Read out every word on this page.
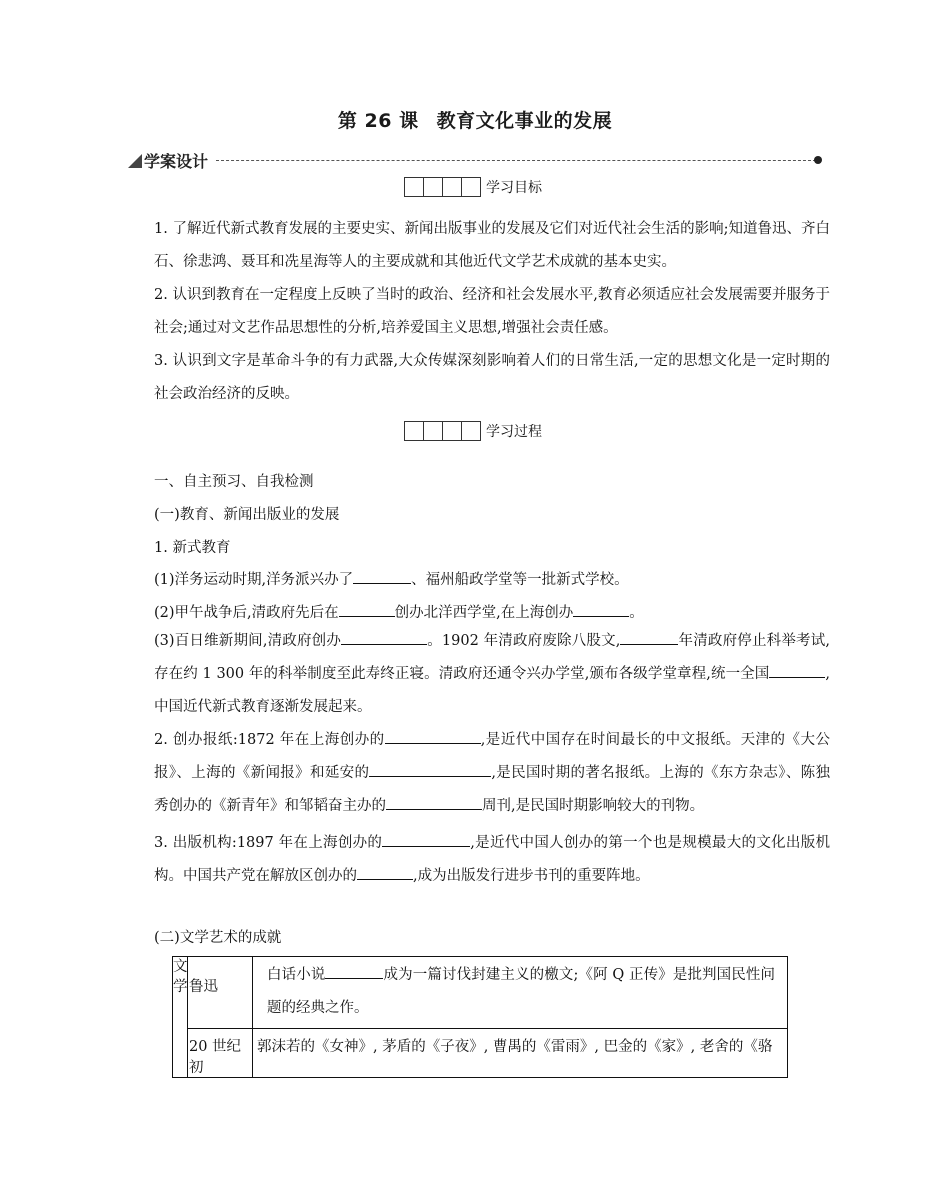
第 26 课 教育文化事业的发展
学案设计
学习目标
1. 了解近代新式教育发展的主要史实、新闻出版事业的发展及它们对近代社会生活的影响;知道鲁迅、齐白石、徐悲鸿、聂耳和冼星海等人的主要成就和其他近代文学艺术成就的基本史实。
2. 认识到教育在一定程度上反映了当时的政治、经济和社会发展水平,教育必须适应社会发展需要并服务于社会;通过对文艺作品思想性的分析,培养爱国主义思想,增强社会责任感。
3. 认识到文字是革命斗争的有力武器,大众传媒深刻影响着人们的日常生活,一定的思想文化是一定时期的社会政治经济的反映。
学习过程
一、自主预习、自我检测
(一)教育、新闻出版业的发展
1. 新式教育
(1)洋务运动时期,洋务派兴办了	、福州船政学堂等一批新式学校。
(2)甲午战争后,清政府先后在	创办北洋西学堂,在上海创办	。
(3)百日维新期间,清政府创办	。1902 年清政府废除八股文,	年清政府停止科举考试,存在约 1 300 年的科举制度至此寿终正寝。清政府还通令兴办学堂,颁布各级学堂章程,统一全国	,中国近代新式教育逐渐发展起来。
2. 创办报纸:1872 年在上海创办的	,是近代中国存在时间最长的中文报纸。天津的《大公报》、上海的《新闻报》和延安的	,是民国时期的著名报纸。上海的《东方杂志》、陈独秀创办的《新青年》和邹韬奋主办的	周刊,是民国时期影响较大的刊物。
3. 出版机构:1897 年在上海创办的	,是近代中国人创办的第一个也是规模最大的文化出版机构。中国共产党在解放区创办的	,成为出版发行进步书刊的重要阵地。
(二)文学艺术的成就
文学	鲁迅	白话小说 成为一篇讨伐封建主义的檄文;《阿 Q 正传》是批判国民性问题的经典之作。

	20 世纪初	郭沫若的《女神》, 茅盾的《子夜》, 曹禺的《雷雨》, 巴金的《家》, 老舍的《骆
